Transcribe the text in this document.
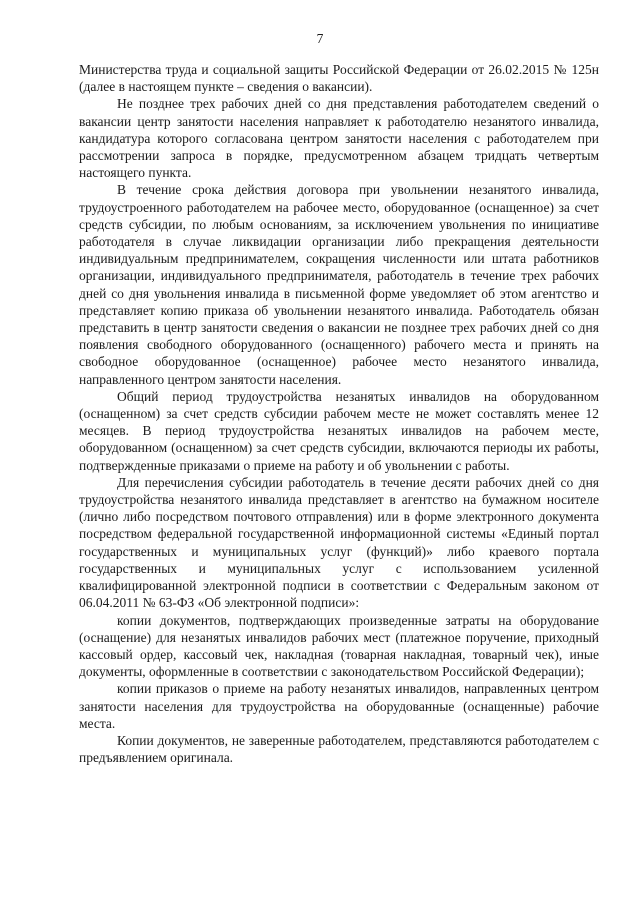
7

Министерства труда и социальной защиты Российской Федерации от 26.02.2015 № 125н (далее в настоящем пункте – сведения о вакансии).

Не позднее трех рабочих дней со дня представления работодателем сведений о вакансии центр занятости населения направляет к работодателю незанятого инвалида, кандидатура которого согласована центром занятости населения с работодателем при рассмотрении запроса в порядке, предусмотренном абзацем тридцать четвертым настоящего пункта.

В течение срока действия договора при увольнении незанятого инвалида, трудоустроенного работодателем на рабочее место, оборудованное (оснащенное) за счет средств субсидии, по любым основаниям, за исключением увольнения по инициативе работодателя в случае ликвидации организации либо прекращения деятельности индивидуальным предпринимателем, сокращения численности или штата работников организации, индивидуального предпринимателя, работодатель в течение трех рабочих дней со дня увольнения инвалида в письменной форме уведомляет об этом агентство и представляет копию приказа об увольнении незанятого инвалида. Работодатель обязан представить в центр занятости сведения о вакансии не позднее трех рабочих дней со дня появления свободного оборудованного (оснащенного) рабочего места и принять на свободное оборудованное (оснащенное) рабочее место незанятого инвалида, направленного центром занятости населения.

Общий период трудоустройства незанятых инвалидов на оборудованном (оснащенном) за счет средств субсидии рабочем месте не может составлять менее 12 месяцев. В период трудоустройства незанятых инвалидов на рабочем месте, оборудованном (оснащенном) за счет средств субсидии, включаются периоды их работы, подтвержденные приказами о приеме на работу и об увольнении с работы.

Для перечисления субсидии работодатель в течение десяти рабочих дней со дня трудоустройства незанятого инвалида представляет в агентство на бумажном носителе (лично либо посредством почтового отправления) или в форме электронного документа посредством федеральной государственной информационной системы «Единый портал государственных и муниципальных услуг (функций)» либо краевого портала государственных и муниципальных услуг с использованием усиленной квалифицированной электронной подписи в соответствии с Федеральным законом от 06.04.2011 № 63-ФЗ «Об электронной подписи»:

копии документов, подтверждающих произведенные затраты на оборудование (оснащение) для незанятых инвалидов рабочих мест (платежное поручение, приходный кассовый ордер, кассовый чек, накладная (товарная накладная, товарный чек), иные документы, оформленные в соответствии с законодательством Российской Федерации);

копии приказов о приеме на работу незанятых инвалидов, направленных центром занятости населения для трудоустройства на оборудованные (оснащенные) рабочие места.

Копии документов, не заверенные работодателем, представляются работодателем с предъявлением оригинала.
